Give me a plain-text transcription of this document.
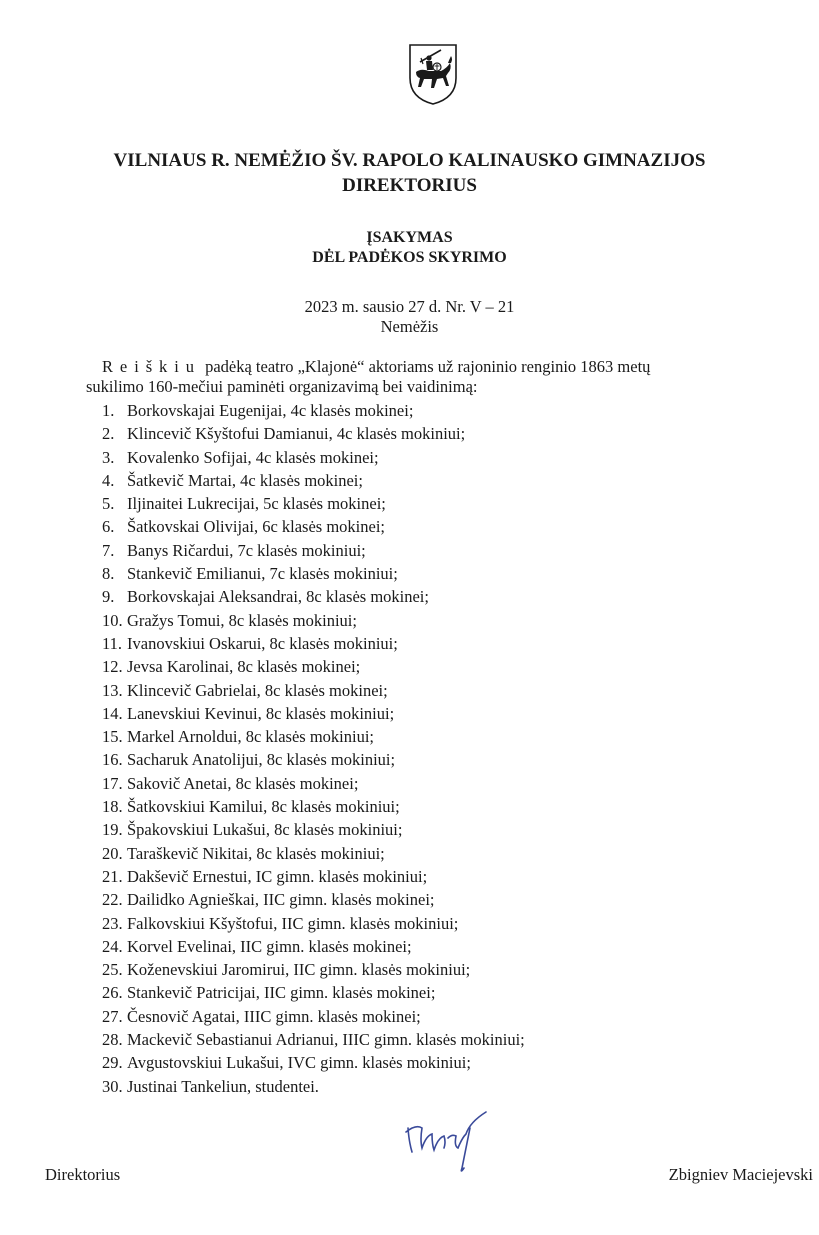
VILNIAUS R. NEMĖŽIO ŠV. RAPOLO KALINAUSKO GIMNAZIJOS
DIREKTORIUS
ĮSAKYMAS
DĖL PADĖKOS SKYRIMO
2023 m. sausio 27 d. Nr. V – 21
Nemėžis
Reiškiu padėką teatro „Klajonė“ aktoriams už rajoninio renginio 1863 metų
sukilimo 160-mečiui paminėti organizavimą bei vaidinimą:
1. Borkovskajai Eugenijai, 4c klasės mokinei;
2. Klincevič Kšyštofui Damianui, 4c klasės mokiniui;
3. Kovalenko Sofijai, 4c klasės mokinei;
4. Šatkevič Martai, 4c klasės mokinei;
5. Iljinaitei Lukrecijai, 5c klasės mokinei;
6. Šatkovskai Olivijai, 6c klasės mokinei;
7. Banys Ričardui, 7c klasės mokiniui;
8. Stankevič Emilianui, 7c klasės mokiniui;
9. Borkovskajai Aleksandrai, 8c klasės mokinei;
10. Gražys Tomui, 8c klasės mokiniui;
11. Ivanovskiui Oskarui, 8c klasės mokiniui;
12. Jevsa Karolinai, 8c klasės mokinei;
13. Klincevič Gabrielai, 8c klasės mokinei;
14. Lanevskiui Kevinui, 8c klasės mokiniui;
15. Markel Arnoldui, 8c klasės mokiniui;
16. Sacharuk Anatolijui, 8c klasės mokiniui;
17. Sakovič Anetai, 8c klasės mokinei;
18. Šatkovskiui Kamilui, 8c klasės mokiniui;
19. Špakovskiui Lukašui, 8c klasės mokiniui;
20. Taraškevič Nikitai, 8c klasės mokiniui;
21. Dakševič Ernestui, IC gimn. klasės mokiniui;
22. Dailidko Agnieškai, IIC gimn. klasės mokinei;
23. Falkovskiui Kšyštofui, IIC gimn. klasės mokiniui;
24. Korvel Evelinai, IIC gimn. klasės mokinei;
25. Koženevskiui Jaromirui, IIC gimn. klasės mokiniui;
26. Stankevič Patricijai, IIC gimn. klasės mokinei;
27. Česnovič Agatai, IIIC gimn. klasės mokinei;
28. Mackevič Sebastianui Adrianui, IIIC gimn. klasės mokiniui;
29. Avgustovskiui Lukašui, IVC gimn. klasės mokiniui;
30. Justinai Tankeliun, studentei.
Direktorius	Zbigniev Maciejevski
